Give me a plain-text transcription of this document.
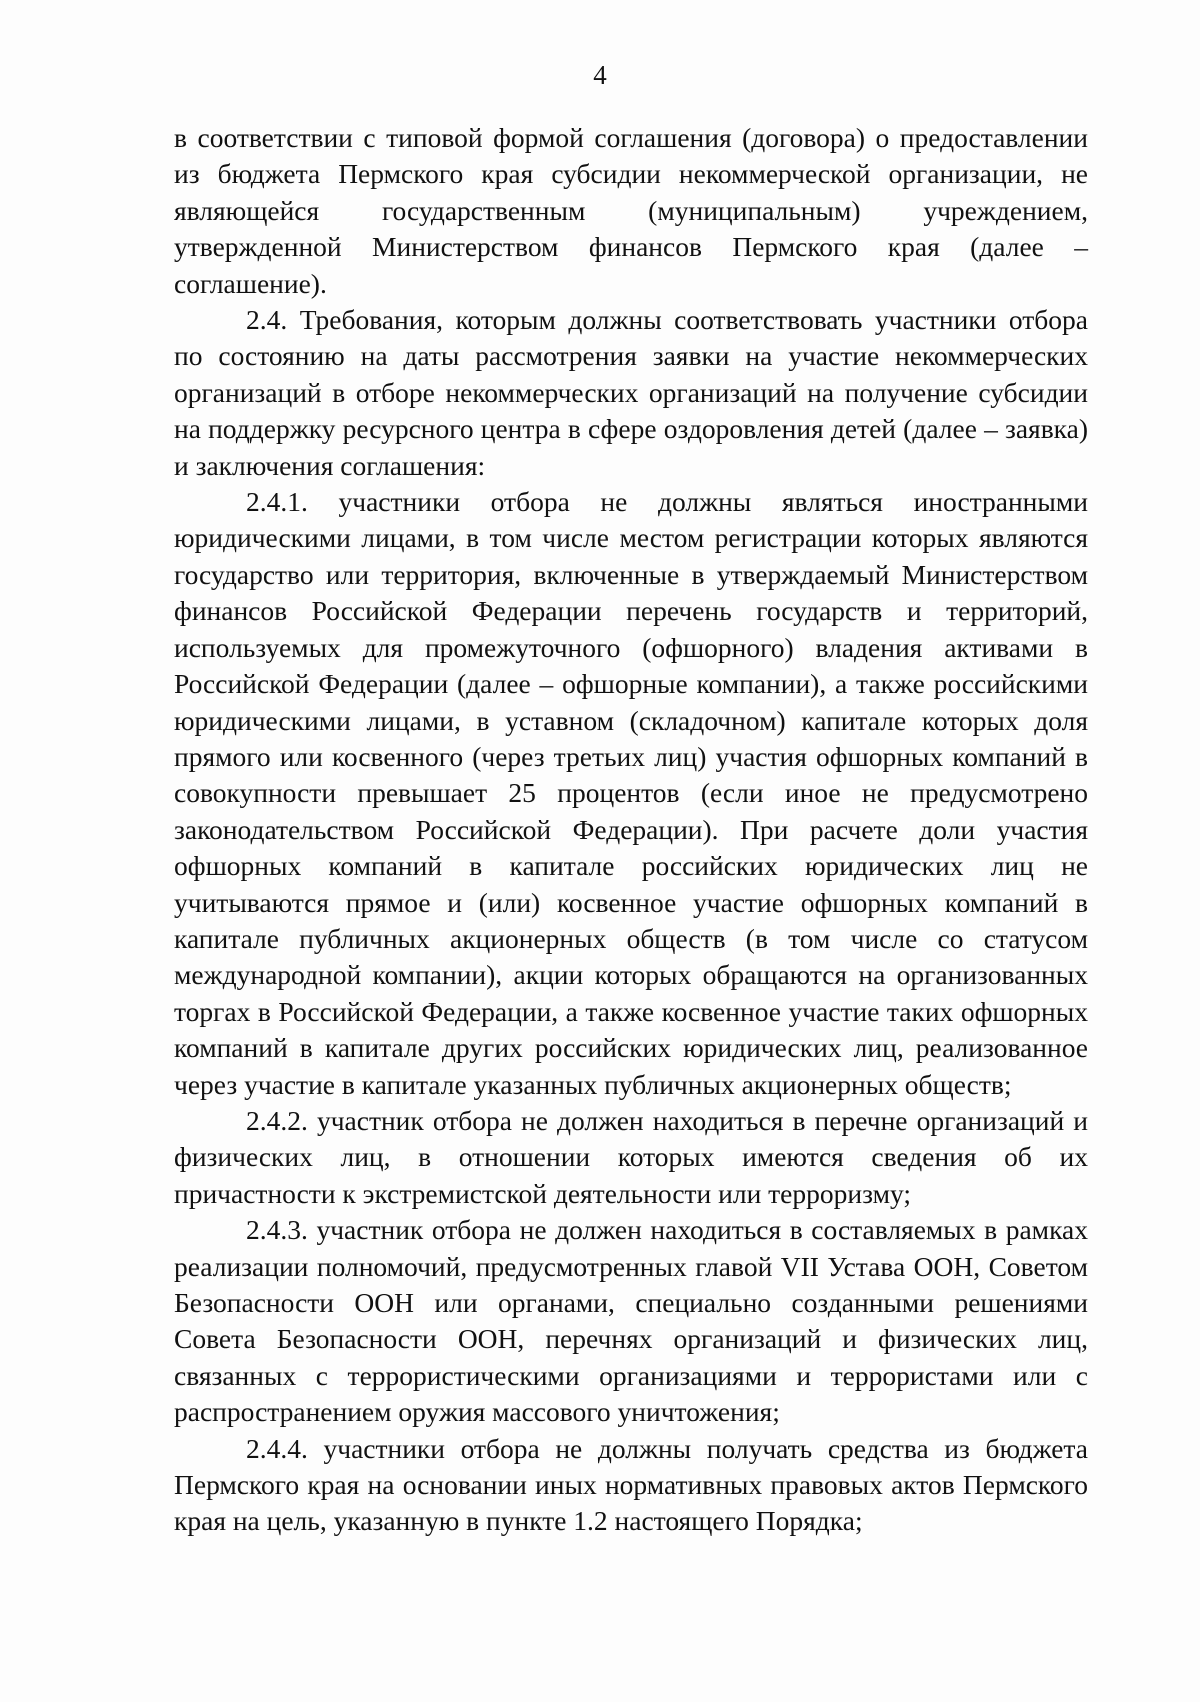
4

в соответствии с типовой формой соглашения (договора) о предоставлении из бюджета Пермского края субсидии некоммерческой организации, не являющейся государственным (муниципальным) учреждением, утвержденной Министерством финансов Пермского края (далее – соглашение).

2.4. Требования, которым должны соответствовать участники отбора по состоянию на даты рассмотрения заявки на участие некоммерческих организаций в отборе некоммерческих организаций на получение субсидии на поддержку ресурсного центра в сфере оздоровления детей (далее – заявка) и заключения соглашения:

2.4.1. участники отбора не должны являться иностранными юридическими лицами, в том числе местом регистрации которых являются государство или территория, включенные в утверждаемый Министерством финансов Российской Федерации перечень государств и территорий, используемых для промежуточного (офшорного) владения активами в Российской Федерации (далее – офшорные компании), а также российскими юридическими лицами, в уставном (складочном) капитале которых доля прямого или косвенного (через третьих лиц) участия офшорных компаний в совокупности превышает 25 процентов (если иное не предусмотрено законодательством Российской Федерации). При расчете доли участия офшорных компаний в капитале российских юридических лиц не учитываются прямое и (или) косвенное участие офшорных компаний в капитале публичных акционерных обществ (в том числе со статусом международной компании), акции которых обращаются на организованных торгах в Российской Федерации, а также косвенное участие таких офшорных компаний в капитале других российских юридических лиц, реализованное через участие в капитале указанных публичных акционерных обществ;

2.4.2. участник отбора не должен находиться в перечне организаций и физических лиц, в отношении которых имеются сведения об их причастности к экстремистской деятельности или терроризму;

2.4.3. участник отбора не должен находиться в составляемых в рамках реализации полномочий, предусмотренных главой VII Устава ООН, Советом Безопасности ООН или органами, специально созданными решениями Совета Безопасности ООН, перечнях организаций и физических лиц, связанных с террористическими организациями и террористами или с распространением оружия массового уничтожения;

2.4.4. участники отбора не должны получать средства из бюджета Пермского края на основании иных нормативных правовых актов Пермского края на цель, указанную в пункте 1.2 настоящего Порядка;
